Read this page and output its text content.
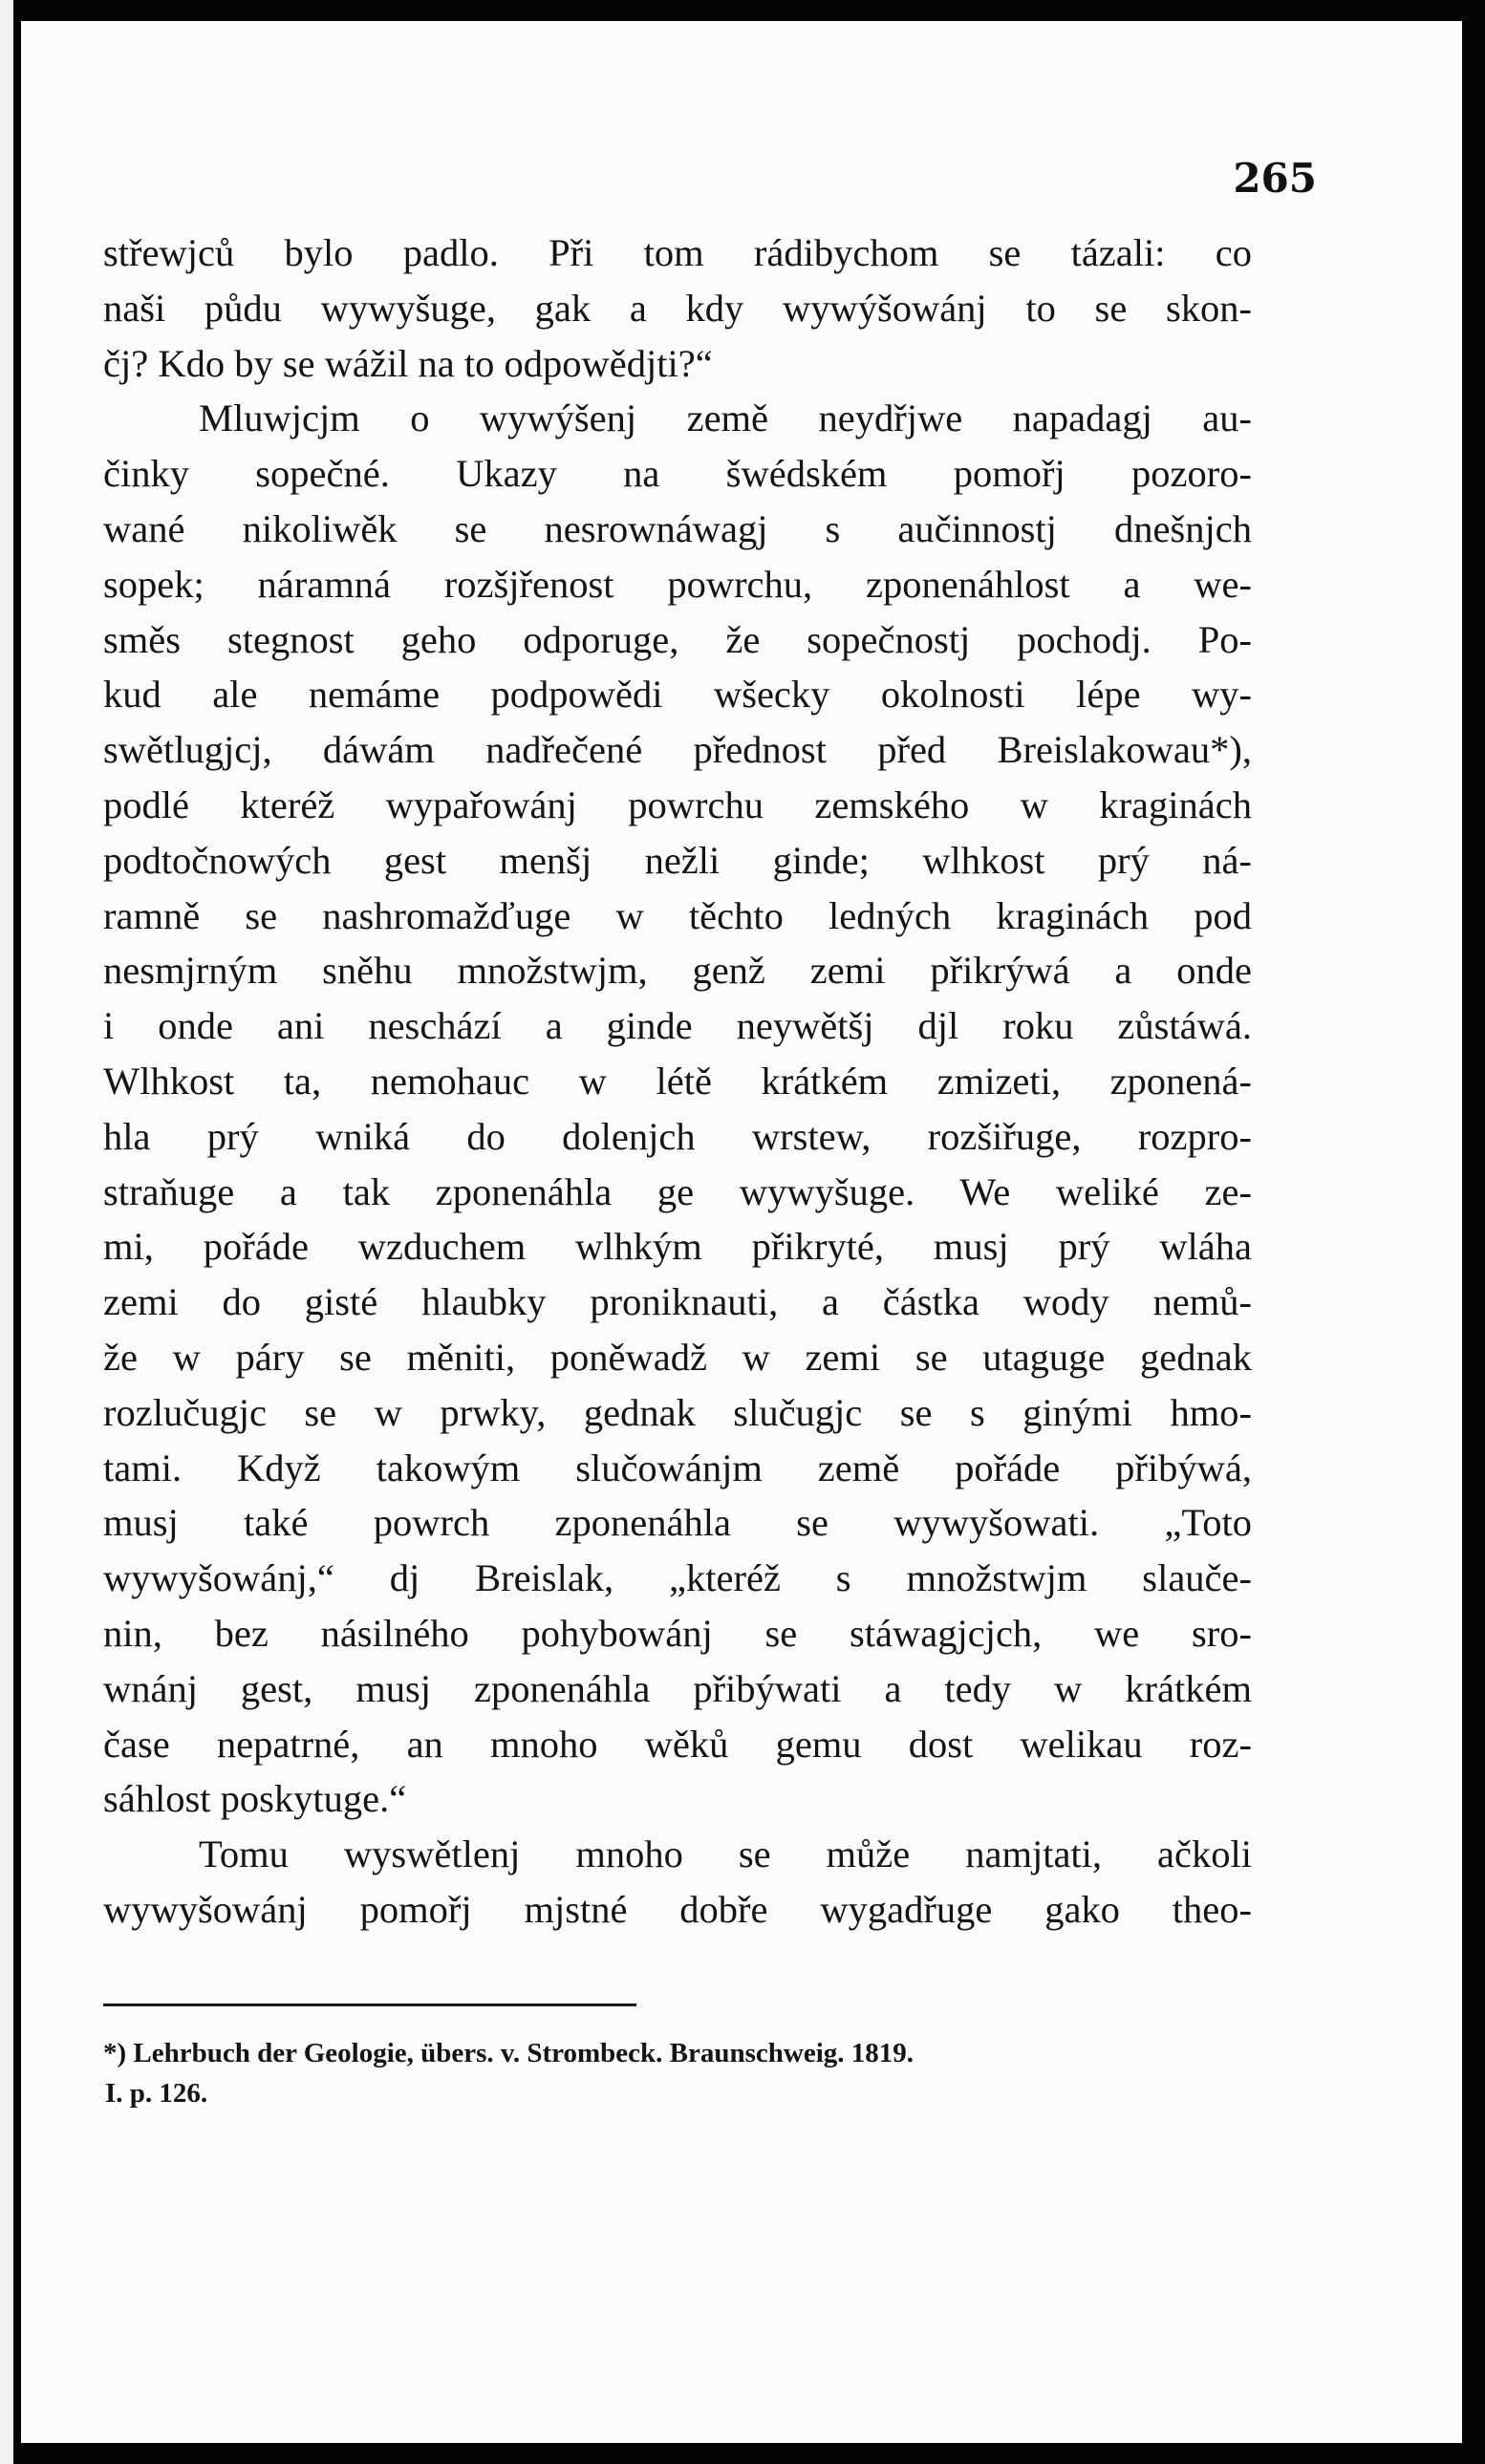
265
střewjců bylo padlo. Při tom rádibychom se tázali: co
naši půdu wywyšuge, gak a kdy wywýšowánj to se skon-
čj? Kdo by se wážil na to odpowědjti?“
Mluwjcjm o wywýšenj země neydřjwe napadagj au-
činky sopečné. Ukazy na šwédském pomořj pozoro-
wané nikoliwěk se nesrownáwagj s aučinnostj dnešnjch
sopek; náramná rozšjřenost powrchu, zponenáhlost a we-
směs stegnost geho odporuge, že sopečnostj pochodj. Po-
kud ale nemáme podpowědi wšecky okolnosti lépe wy-
swětlugjcj, dáwám nadřečené přednost před Breislakowau*),
podlé kteréž wypařowánj powrchu zemského w kraginách
podtočnowých gest menšj nežli ginde; wlhkost prý ná-
ramně se nashromažďuge w těchto ledných kraginách pod
nesmjrným sněhu množstwjm, genž zemi přikrýwá a onde
i onde ani neschází a ginde neywětšj djl roku zůstáwá.
Wlhkost ta, nemohauc w létě krátkém zmizeti, zponená-
hla prý wniká do dolenjch wrstew, rozšiřuge, rozpro-
straňuge a tak zponenáhla ge wywyšuge. We weliké ze-
mi, pořáde wzduchem wlhkým přikryté, musj prý wláha
zemi do gisté hlaubky proniknauti, a částka wody nemů-
že w páry se měniti, poněwadž w zemi se utaguge gednak
rozlučugjc se w prwky, gednak slučugjc se s ginými hmo-
tami. Když takowým slučowánjm země pořáde přibýwá,
musj také powrch zponenáhla se wywyšowati. „Toto
wywyšowánj,“ dj Breislak, „kteréž s množstwjm slauče-
nin, bez násilného pohybowánj se stáwagjcjch, we sro-
wnánj gest, musj zponenáhla přibýwati a tedy w krátkém
čase nepatrné, an mnoho wěků gemu dost welikau roz-
sáhlost poskytuge.“
Tomu wyswětlenj mnoho se může namjtati, ačkoli
wywyšowánj pomořj mjstné dobře wygadřuge gako theo-
*) Lehrbuch der Geologie, übers. v. Strombeck. Braunschweig. 1819.
I. p. 126.
